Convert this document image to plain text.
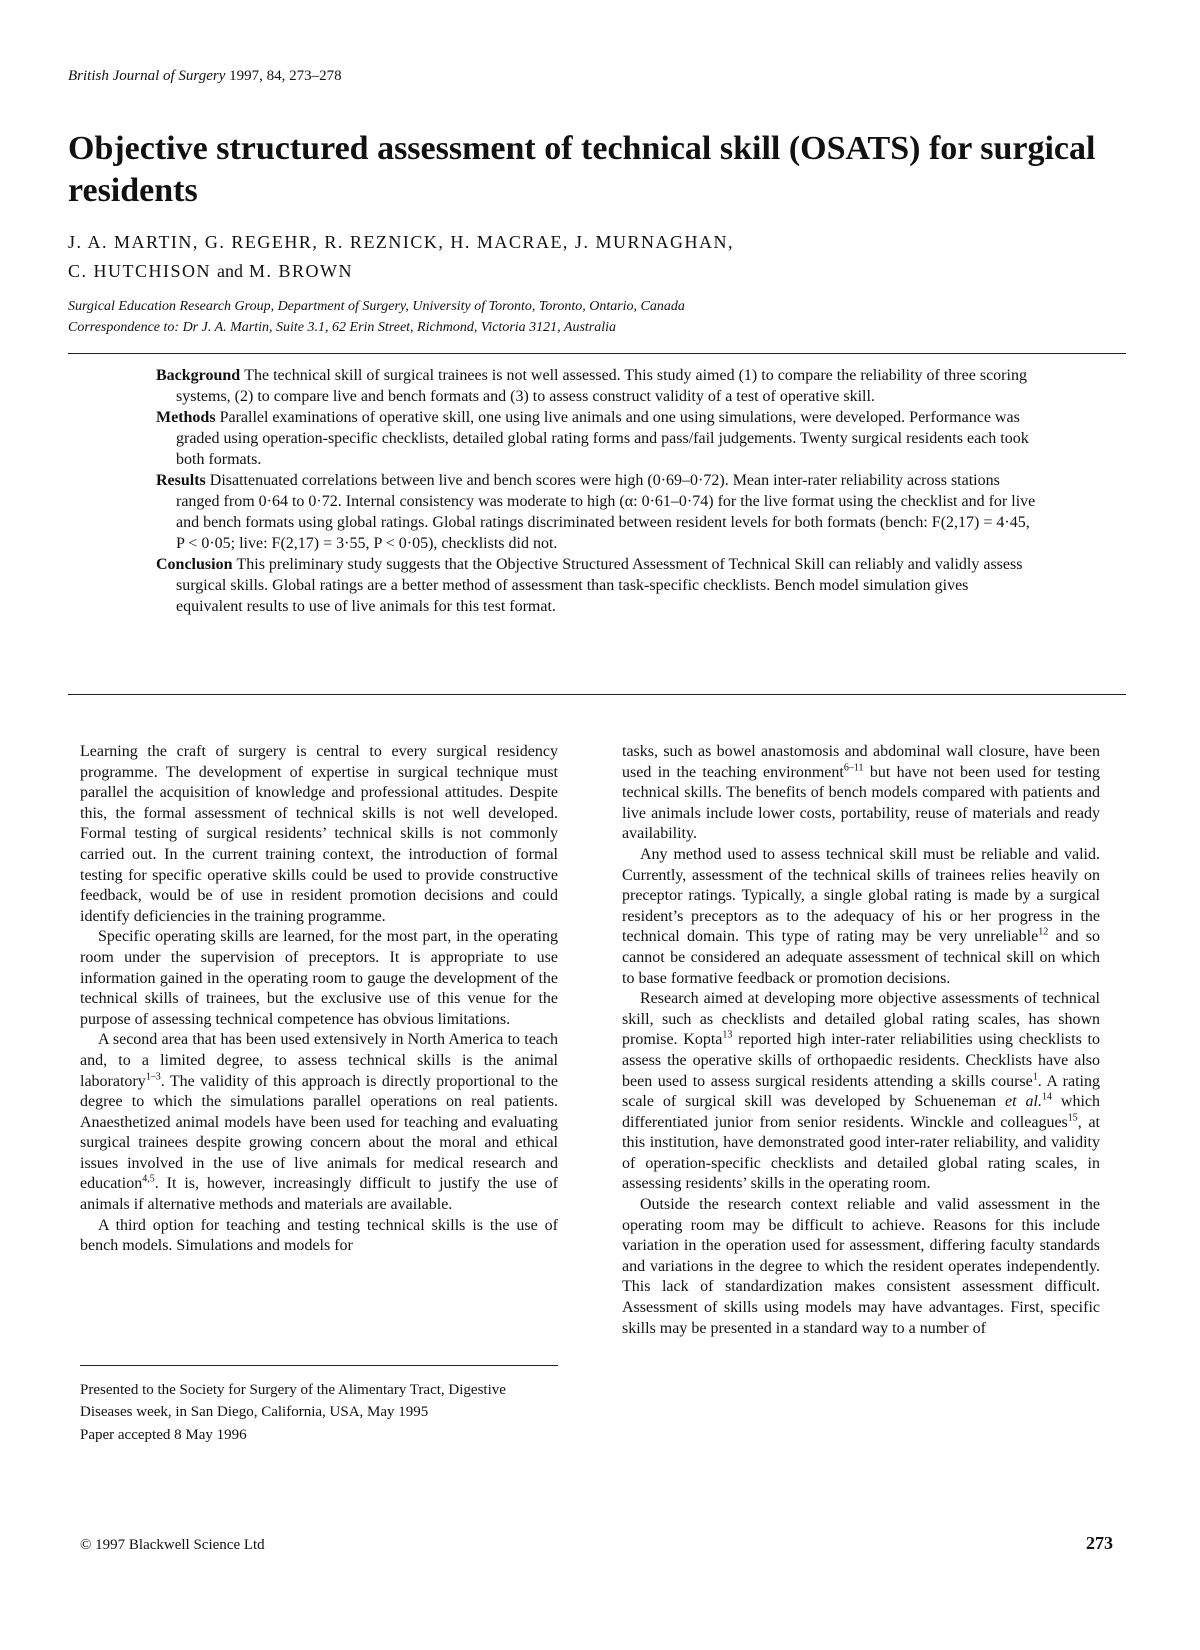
British Journal of Surgery 1997, 84, 273–278
Objective structured assessment of technical skill (OSATS) for surgical residents
J. A. MARTIN, G. REGEHR, R. REZNICK, H. MACRAE, J. MURNAGHAN,
C. HUTCHISON and M. BROWN
Surgical Education Research Group, Department of Surgery, University of Toronto, Toronto, Ontario, Canada
Correspondence to: Dr J. A. Martin, Suite 3.1, 62 Erin Street, Richmond, Victoria 3121, Australia

Background The technical skill of surgical trainees is not well assessed. This study aimed (1) to compare the reliability of three scoring systems, (2) to compare live and bench formats and (3) to assess construct validity of a test of operative skill.

Methods Parallel examinations of operative skill, one using live animals and one using simulations, were developed. Performance was graded using operation-specific checklists, detailed global rating forms and pass/fail judgements. Twenty surgical residents each took both formats.

Results Disattenuated correlations between live and bench scores were high (0·69–0·72). Mean inter-rater reliability across stations ranged from 0·64 to 0·72. Internal consistency was moderate to high (α: 0·61–0·74) for the live format using the checklist and for live and bench formats using global ratings. Global ratings discriminated between resident levels for both formats (bench: F(2,17) = 4·45, P < 0·05; live: F(2,17) = 3·55, P < 0·05), checklists did not.

Conclusion This preliminary study suggests that the Objective Structured Assessment of Technical Skill can reliably and validly assess surgical skills. Global ratings are a better method of assessment than task-specific checklists. Bench model simulation gives equivalent results to use of live animals for this test format.

Learning the craft of surgery is central to every surgical residency programme. The development of expertise in surgical technique must parallel the acquisition of knowledge and professional attitudes. Despite this, the formal assessment of technical skills is not well developed. Formal testing of surgical residents’ technical skills is not commonly carried out. In the current training context, the introduction of formal testing for specific operative skills could be used to provide constructive feedback, would be of use in resident promotion decisions and could identify deficiencies in the training programme.

Specific operating skills are learned, for the most part, in the operating room under the supervision of preceptors. It is appropriate to use information gained in the operating room to gauge the development of the technical skills of trainees, but the exclusive use of this venue for the purpose of assessing technical competence has obvious limitations.

A second area that has been used extensively in North America to teach and, to a limited degree, to assess technical skills is the animal laboratory$^{1-3}$. The validity of this approach is directly proportional to the degree to which the simulations parallel operations on real patients. Anaesthetized animal models have been used for teaching and evaluating surgical trainees despite growing concern about the moral and ethical issues involved in the use of live animals for medical research and education$^{4,5}$. It is, however, increasingly difficult to justify the use of animals if alternative methods and materials are available.

A third option for teaching and testing technical skills is the use of bench models. Simulations and models for

tasks, such as bowel anastomosis and abdominal wall closure, have been used in the teaching environment$^{6-11}$ but have not been used for testing technical skills. The benefits of bench models compared with patients and live animals include lower costs, portability, reuse of materials and ready availability.

Any method used to assess technical skill must be reliable and valid. Currently, assessment of the technical skills of trainees relies heavily on preceptor ratings. Typically, a single global rating is made by a surgical resident’s preceptors as to the adequacy of his or her progress in the technical domain. This type of rating may be very unreliable$^{12}$ and so cannot be considered an adequate assessment of technical skill on which to base formative feedback or promotion decisions.

Research aimed at developing more objective assessments of technical skill, such as checklists and detailed global rating scales, has shown promise. Kopta$^{13}$ reported high inter-rater reliabilities using checklists to assess the operative skills of orthopaedic residents. Checklists have also been used to assess surgical residents attending a skills course$^1$. A rating scale of surgical skill was developed by Schueneman et al.$^{14}$ which differentiated junior from senior residents. Winckle and colleagues$^{15}$, at this institution, have demonstrated good inter-rater reliability, and validity of operation-specific checklists and detailed global rating scales, in assessing residents’ skills in the operating room.

Outside the research context reliable and valid assessment in the operating room may be difficult to achieve. Reasons for this include variation in the operation used for assessment, differing faculty standards and variations in the degree to which the resident operates independently. This lack of standardization makes consistent assessment difficult. Assessment of skills using models may have advantages. First, specific skills may be presented in a standard way to a number of

Presented to the Society for Surgery of the Alimentary Tract, Digestive Diseases week, in San Diego, California, USA, May 1995

Paper accepted 8 May 1996

© 1997 Blackwell Science Ltd	273
